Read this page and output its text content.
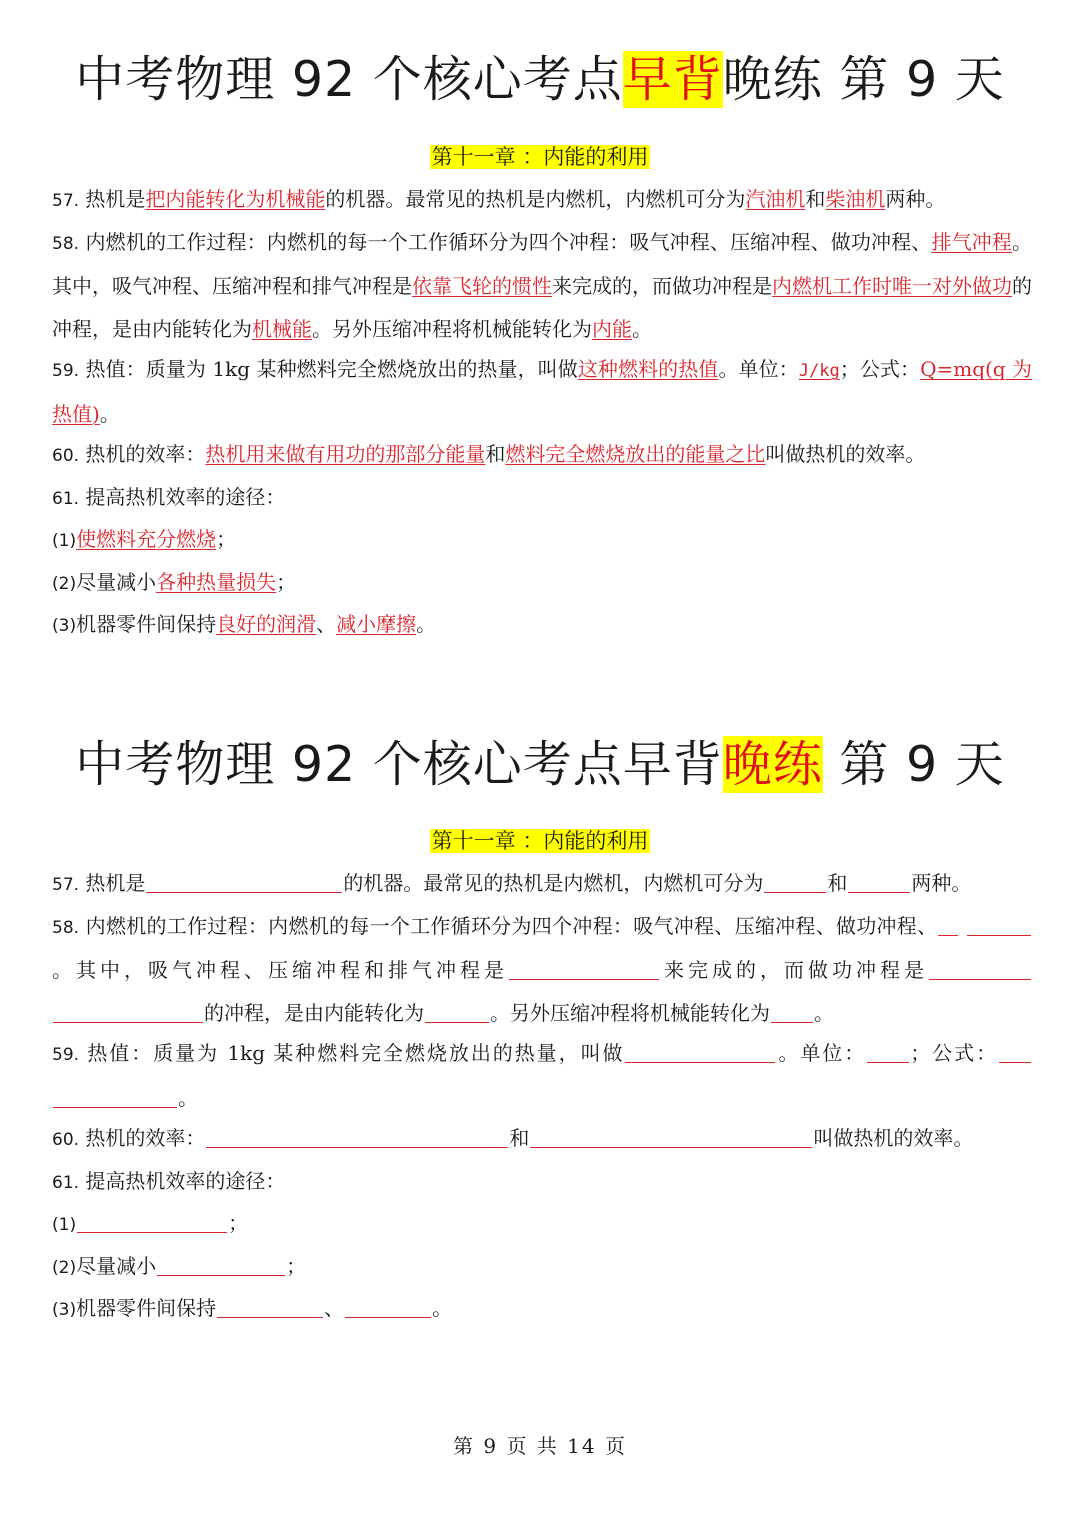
中考物理 92 个核心考点早背晚练 第 9 天
第十一章 ：内能的利用
57. 热机是把内能转化为机械能的机器。最常见的热机是内燃机，内燃机可分为汽油机和柴油机两种。
58. 内燃机的工作过程：内燃机的每一个工作循环分为四个冲程：吸气冲程、压缩冲程、做功冲程、排气冲程。其中，吸气冲程、压缩冲程和排气冲程是依靠飞轮的惯性来完成的，而做功冲程是内燃机工作时唯一对外做功的冲程，是由内能转化为机械能。另外压缩冲程将机械能转化为内能。
59. 热值：质量为 1kg 某种燃料完全燃烧放出的热量，叫做这种燃料的热值。单位：J/kg；公式：Q=mq(q 为热值)。
60. 热机的效率：热机用来做有用功的那部分能量和燃料完全燃烧放出的能量之比叫做热机的效率。
61. 提高热机效率的途径：
(1)使燃料充分燃烧；
(2)尽量减小各种热量损失；
(3)机器零件间保持良好的润滑、减小摩擦。
中考物理 92 个核心考点早背晚练 第 9 天
第十一章 ：内能的利用
57. 热机是	的机器。最常见的热机是内燃机，内燃机可分为	和	两种。
58. 内燃机的工作过程：内燃机的每一个工作循环分为四个冲程：吸气冲程、压缩冲程、做功冲程、 。其中，吸气冲程、压缩冲程和排气冲程是	来完成的，而做功冲程是 的冲程，是由内能转化为	。另外压缩冲程将机械能转化为 。
59. 热值：质量为 1kg 某种燃料完全燃烧放出的热量，叫做	。单位： ；公式： 。
60. 热机的效率：	和	叫做热机的效率。
61. 提高热机效率的途径：
(1)	；
(2)尽量减小	；
(3)机器零件间保持	、	。
第 9 页 共 14 页
